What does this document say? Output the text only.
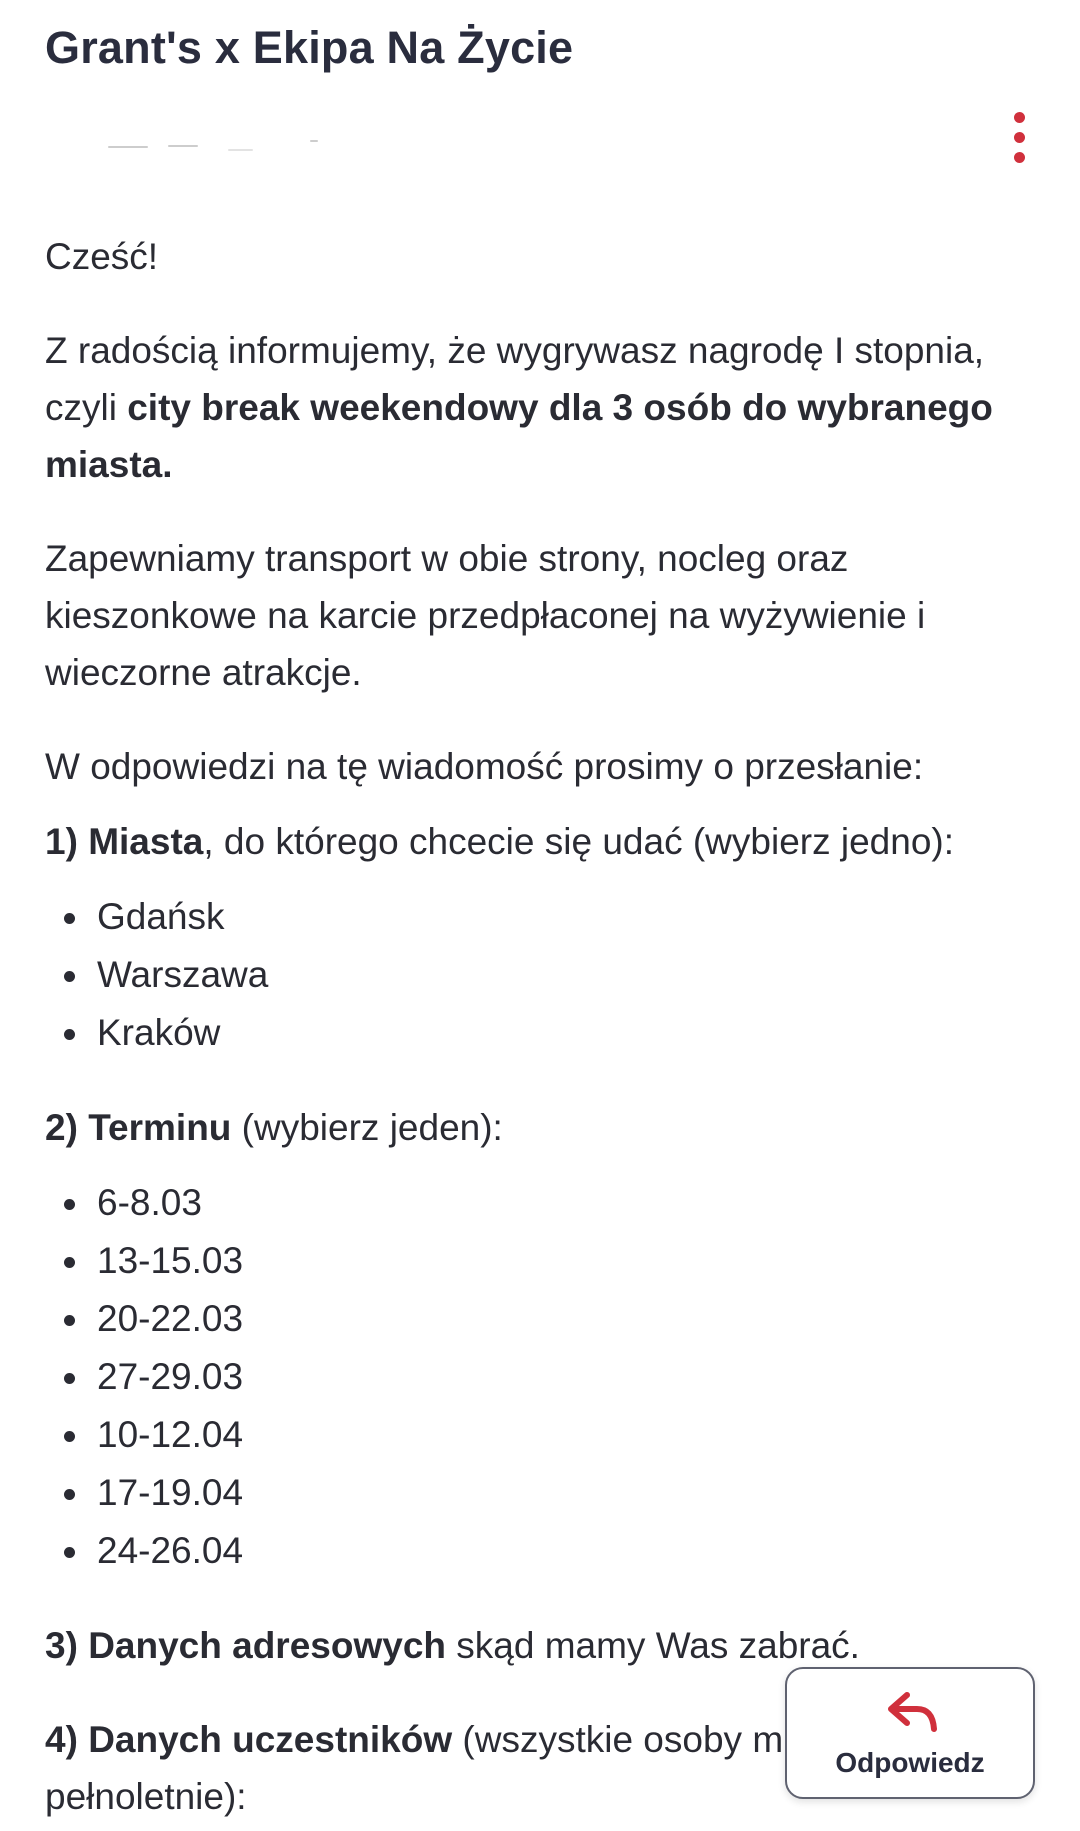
Grant's x Ekipa Na Życie

Cześć!

Z radością informujemy, że wygrywasz nagrodę I stopnia, czyli city break weekendowy dla 3 osób do wybranego miasta.

Zapewniamy transport w obie strony, nocleg oraz kieszonkowe na karcie przedpłaconej na wyżywienie i wieczorne atrakcje.

W odpowiedzi na tę wiadomość prosimy o przesłanie:

1) Miasta, do którego chcecie się udać (wybierz jedno):

Gdańsk
Warszawa
Kraków

2) Terminu (wybierz jeden):

6-8.03
13-15.03
20-22.03
27-29.03
10-12.04
17-19.04
24-26.04

3) Danych adresowych skąd mamy Was zabrać.

4) Danych uczestników (wszystkie osoby m
pełnoletnie):

Odpowiedz
